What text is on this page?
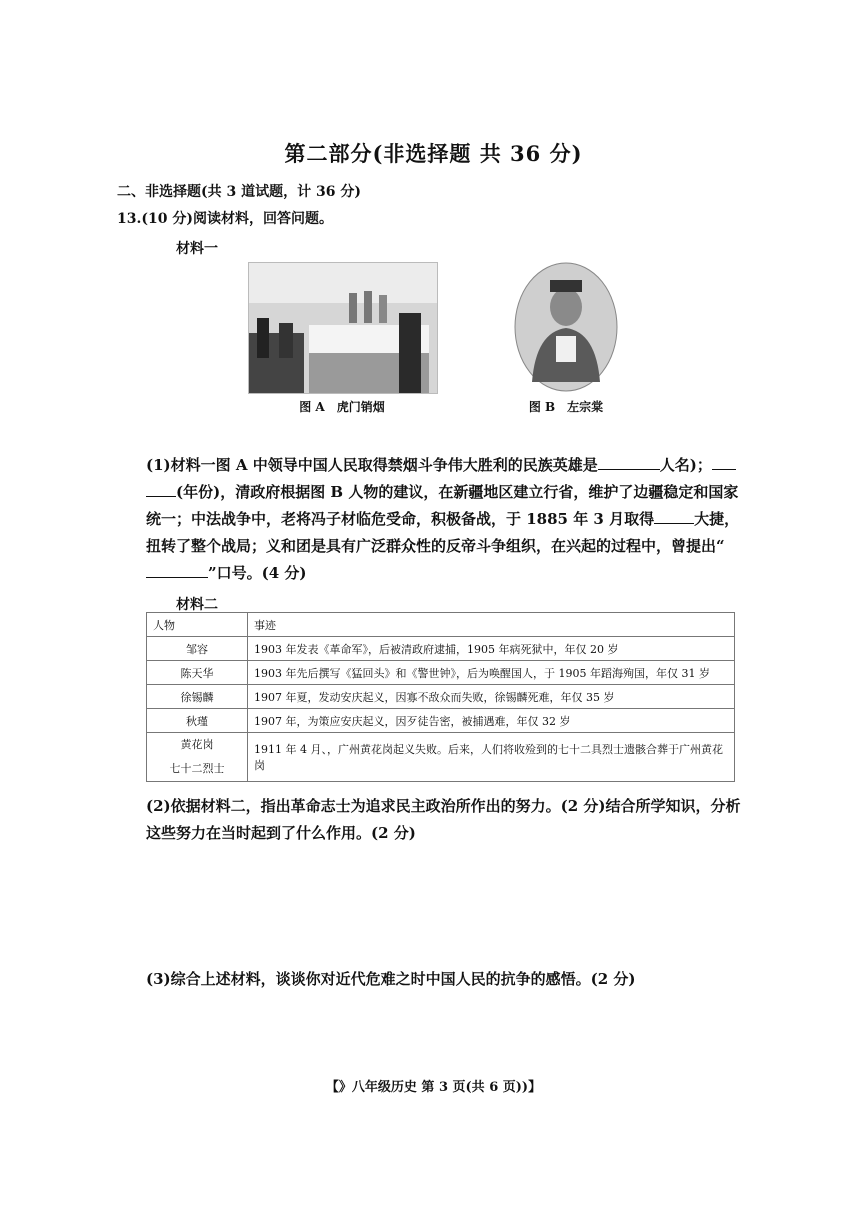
第二部分(非选择题 共 36 分)
二、非选择题(共 3 道试题，计 36 分)
13.(10 分)阅读材料，回答问题。
材料一
图 A　虎门销烟	图 B　左宗棠
(1)材料一图 A 中领导中国人民取得禁烟斗争伟大胜利的民族英雄是	人名)；
(年份)，清政府根据图 B 人物的建议，在新疆地区建立行省，维护了边疆稳定和国家统一；中法战争中，老将冯子材临危受命，积极备战，于 1885 年 3 月取得	大捷，扭转了整个战局；义和团是具有广泛群众性的反帝斗争组织，在兴起的过程中，曾提出“”口号。(4 分)
材料二
人物	事迹
邹容	1903 年发表《革命军》，后被清政府逮捕，1905 年病死狱中，年仅 20 岁
陈天华	1903 年先后撰写《猛回头》和《警世钟》，后为唤醒国人，于 1905 年蹈海殉国，年仅 31 岁
徐锡麟	1907 年夏，发动安庆起义，因寡不敌众而失败，徐锡麟死难，年仅 35 岁
秋瑾	1907 年，为策应安庆起义，因歹徒告密，被捕遇难，年仅 32 岁

黄花岗
七十二烈士	1911 年 4 月、，广州黄花岗起义失败。后来，人们将收殓到的七十二具烈士遗骸合葬于广州黄花岗
(2)依据材料二，指出革命志士为追求民主政治所作出的努力。(2 分)结合所学知识，分析这些努力在当时起到了什么作用。(2 分)
(3)综合上述材料，谈谈你对近代危难之时中国人民的抗争的感悟。(2 分)
【》八年级历史 第 3 页(共 6 页))】
